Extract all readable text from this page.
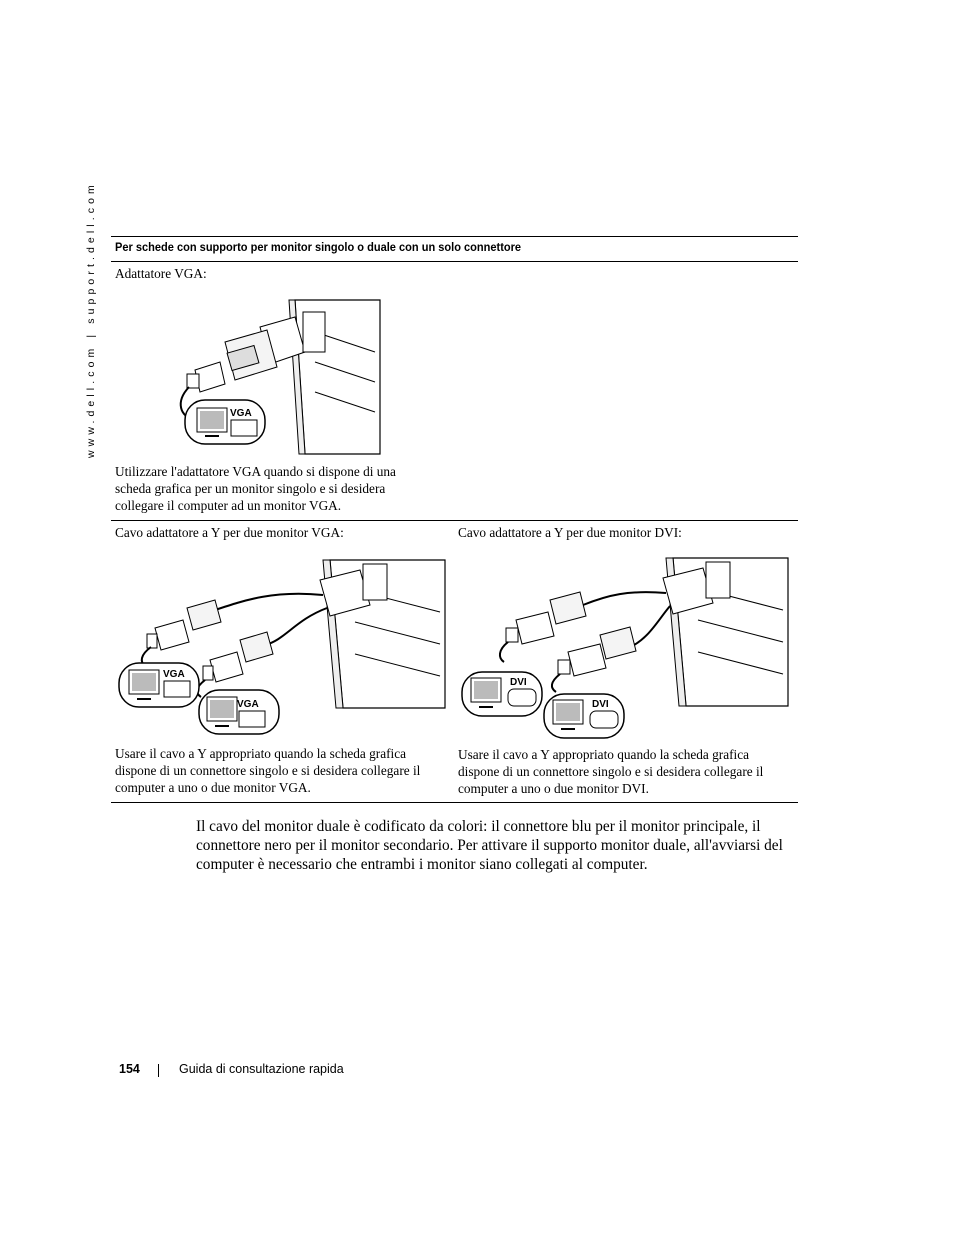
www.dell.com | support.dell.com Per schede con supporto per monitor singolo o duale con un solo connettore
Adattatore VGA:
VGA
Utilizzare l'adattatore VGA quando si dispone di una
scheda grafica per un monitor singolo e si desidera
collegare il computer ad un monitor VGA.
Cavo adattatore a Y per due monitor VGA:
VGA
VGA
Usare il cavo a Y appropriato quando la scheda grafica
dispone di un connettore singolo e si desidera collegare il
computer a uno o due monitor VGA.
Cavo adattatore a Y per due monitor DVI:
DVI
DVI
Usare il cavo a Y appropriato quando la scheda grafica
dispone di un connettore singolo e si desidera collegare il
computer a uno o due monitor DVI.
Il cavo del monitor duale è codificato da colori: il connettore blu per il monitor principale, il
connettore nero per il monitor secondario. Per attivare il supporto monitor duale, all'avviarsi del
computer è necessario che entrambi i monitor siano collegati al computer.
154	Guida di consultazione rapida
